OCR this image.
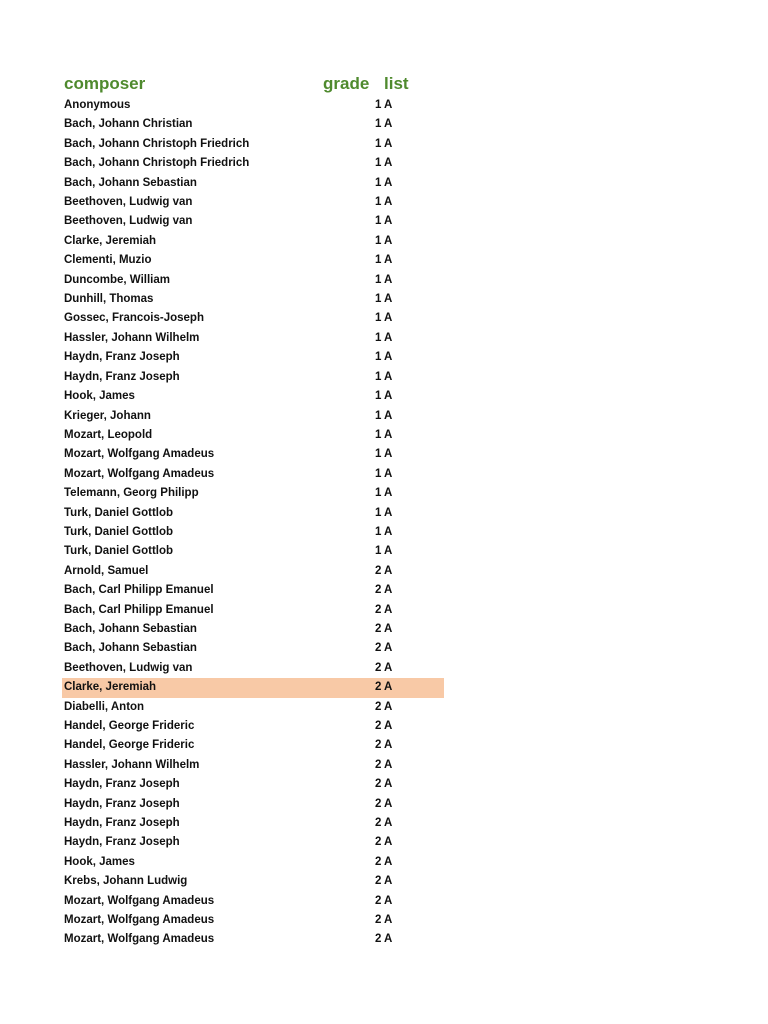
composer	grade list
Anonymous	1 A
Bach, Johann Christian	1 A
Bach, Johann Christoph Friedrich	1 A
Bach, Johann Christoph Friedrich	1 A
Bach, Johann Sebastian	1 A
Beethoven, Ludwig van	1 A
Beethoven, Ludwig van	1 A
Clarke, Jeremiah	1 A
Clementi, Muzio	1 A
Duncombe, William	1 A
Dunhill, Thomas	1 A
Gossec, Francois-Joseph	1 A
Hassler, Johann Wilhelm	1 A
Haydn, Franz Joseph	1 A
Haydn, Franz Joseph	1 A
Hook, James	1 A
Krieger, Johann	1 A
Mozart, Leopold	1 A
Mozart, Wolfgang Amadeus	1 A
Mozart, Wolfgang Amadeus	1 A
Telemann, Georg Philipp	1 A
Turk, Daniel Gottlob	1 A
Turk, Daniel Gottlob	1 A
Turk, Daniel Gottlob	1 A
Arnold, Samuel	2 A
Bach, Carl Philipp Emanuel	2 A
Bach, Carl Philipp Emanuel	2 A
Bach, Johann Sebastian	2 A
Bach, Johann Sebastian	2 A
Beethoven, Ludwig van	2 A
Clarke, Jeremiah	2 A
Diabelli, Anton	2 A
Handel, George Frideric	2 A
Handel, George Frideric	2 A
Hassler, Johann Wilhelm	2 A
Haydn, Franz Joseph	2 A
Haydn, Franz Joseph	2 A
Haydn, Franz Joseph	2 A
Haydn, Franz Joseph	2 A
Hook, James	2 A
Krebs, Johann Ludwig	2 A
Mozart, Wolfgang Amadeus	2 A
Mozart, Wolfgang Amadeus	2 A
Mozart, Wolfgang Amadeus	2 A
